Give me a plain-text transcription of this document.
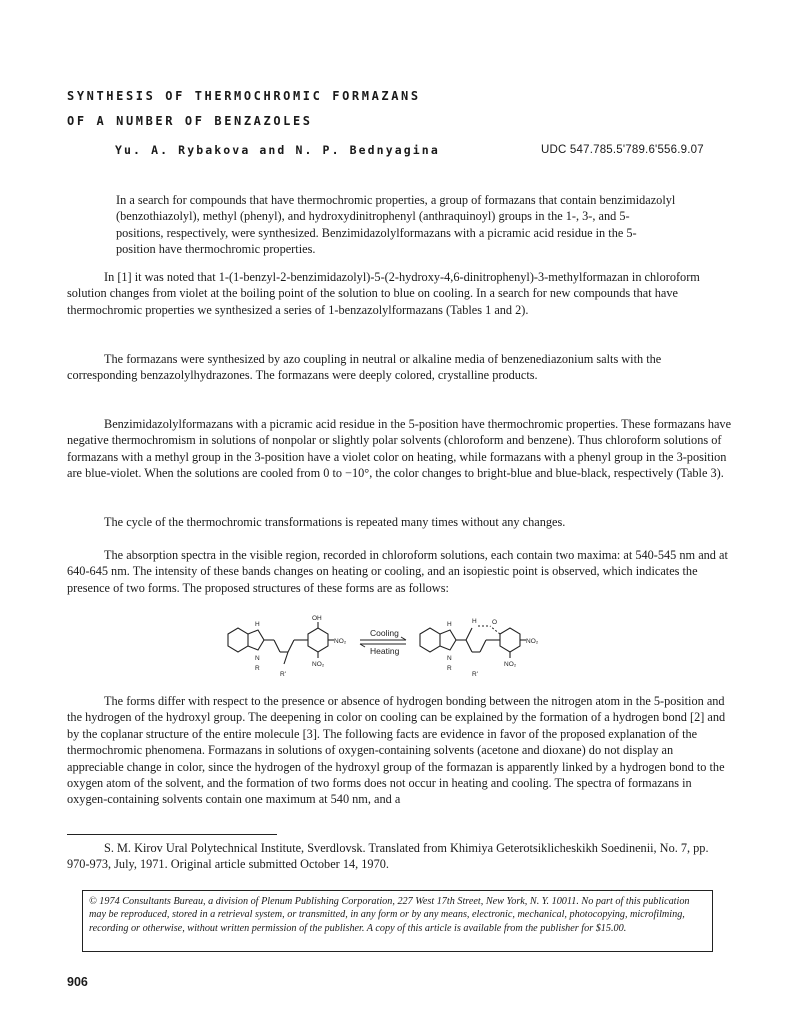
SYNTHESIS OF THERMOCHROMIC FORMAZANS
OF A NUMBER OF BENZAZOLES
Yu. A. Rybakova and N. P. Bednyagina	UDC 547.785.5'789.6'556.9.07
In a search for compounds that have thermochromic properties, a group of formazans that contain benzimidazolyl (benzothiazolyl), methyl (phenyl), and hydroxydinitrophenyl (anthraquinoyl) groups in the 1-, 3-, and 5-positions, respectively, were synthesized. Benzimidazolylformazans with a picramic acid residue in the 5-position have thermochromic properties.

In [1] it was noted that 1-(1-benzyl-2-benzimidazolyl)-5-(2-hydroxy-4,6-dinitrophenyl)-3-methylformazan in chloroform solution changes from violet at the boiling point of the solution to blue on cooling. In a search for new compounds that have thermochromic properties we synthesized a series of 1-benzazolylformazans (Tables 1 and 2).

The formazans were synthesized by azo coupling in neutral or alkaline media of benzenediazonium salts with the corresponding benzazolylhydrazones. The formazans were deeply colored, crystalline products.

Benzimidazolylformazans with a picramic acid residue in the 5-position have thermochromic properties. These formazans have negative thermochromism in solutions of nonpolar or slightly polar solvents (chloroform and benzene). Thus chloroform solutions of formazans with a methyl group in the 3-position have a violet color on heating, while formazans with a phenyl group in the 3-position are blue-violet. When the solutions are cooled from 0 to −10°, the color changes to bright-blue and blue-black, respectively (Table 3).

The cycle of the thermochromic transformations is repeated many times without any changes.

The absorption spectra in the visible region, recorded in chloroform solutions, each contain two maxima: at 540-545 nm and at 640-645 nm. The intensity of these bands changes on heating or cooling, and an isopiestic point is observed, which indicates the presence of two forms. The proposed structures of these forms are as follows:

H
N
R
R'
OH
NO₂
NO₂
Cooling
Heating
H	H O
N
R
R'
NO₂
NO₂

The forms differ with respect to the presence or absence of hydrogen bonding between the nitrogen atom in the 5-position and the hydrogen of the hydroxyl group. The deepening in color on cooling can be explained by the formation of a hydrogen bond [2] and by the coplanar structure of the entire molecule [3]. The following facts are evidence in favor of the proposed explanation of the thermochromic phenomena. Formazans in solutions of oxygen-containing solvents (acetone and dioxane) do not display an appreciable change in color, since the hydrogen of the hydroxyl group of the formazan is apparently linked by a hydrogen bond to the oxygen atom of the solvent, and the formation of two forms does not occur in heating and cooling. The spectra of formazans in oxygen-containing solvents contain one maximum at 540 nm, and a

S. M. Kirov Ural Polytechnical Institute, Sverdlovsk. Translated from Khimiya Geterotsiklicheskikh Soedinenii, No. 7, pp. 970-973, July, 1971. Original article submitted October 14, 1970.

© 1974 Consultants Bureau, a division of Plenum Publishing Corporation, 227 West 17th Street, New York, N. Y. 10011. No part of this publication may be reproduced, stored in a retrieval system, or transmitted, in any form or by any means, electronic, mechanical, photocopying, microfilming, recording or otherwise, without written permission of the publisher. A copy of this article is available from the publisher for $15.00.
906
